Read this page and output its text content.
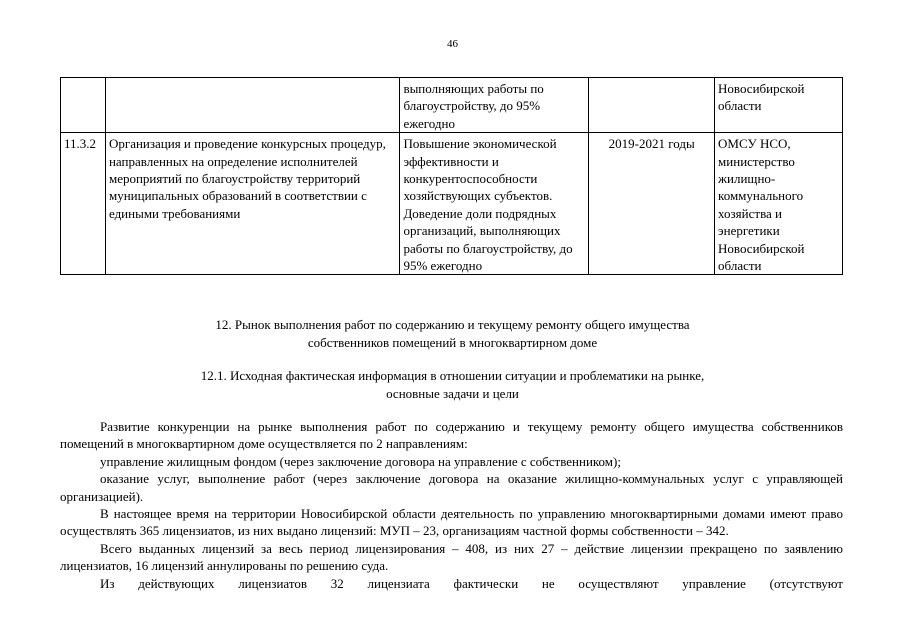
46
		выполняющих работы по благоустройству, до 95% ежегодно		Новосибирской области
11.3.2	Организация и проведение конкурсных процедур, направленных на определение исполнителей мероприятий по благоустройству территорий муниципальных образований в соответствии с едиными требованиями	Повышение экономической эффективности и конкурентоспособности хозяйствующих субъектов. Доведение доли подрядных организаций, выполняющих работы по благоустройству, до 95% ежегодно	2019-2021 годы	ОМСУ НСО, министерство жилищно-коммунального хозяйства и энергетики Новосибирской области
12. Рынок выполнения работ по содержанию и текущему ремонту общего имущества
собственников помещений в многоквартирном доме
12.1. Исходная фактическая информация в отношении ситуации и проблематики на рынке,
основные задачи и цели

Развитие конкуренции на рынке выполнения работ по содержанию и текущему ремонту общего имущества собственников помещений в многоквартирном доме осуществляется по 2 направлениям:

управление жилищным фондом (через заключение договора на управление с собственником);

оказание услуг, выполнение работ (через заключение договора на оказание жилищно-коммунальных услуг с управляющей организацией).

В настоящее время на территории Новосибирской области деятельность по управлению многоквартирными домами имеют право осуществлять 365 лицензиатов, из них выдано лицензий: МУП – 23, организациям частной формы собственности – 342.

Всего выданных лицензий за весь период лицензирования – 408, из них 27 – действие лицензии прекращено по заявлению лицензиатов, 16 лицензий аннулированы по решению суда.

Из действующих лицензиатов 32 лицензиата фактически не осуществляют управление (отсутствуют
